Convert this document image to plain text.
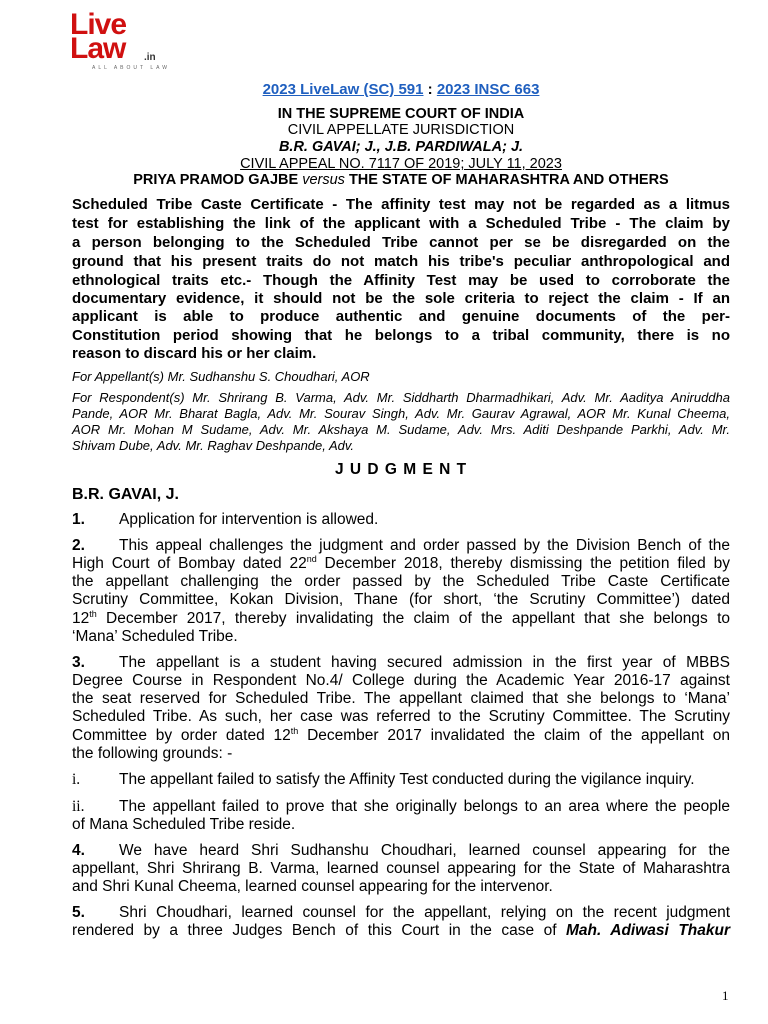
Live
Law .in
ALL ABOUT LAW
2023 LiveLaw (SC) 591 : 2023 INSC 663
IN THE SUPREME COURT OF INDIA
CIVIL APPELLATE JURISDICTION
B.R. GAVAI; J., J.B. PARDIWALA; J.
CIVIL APPEAL NO. 7117 OF 2019; JULY 11, 2023
PRIYA PRAMOD GAJBE versus THE STATE OF MAHARASHTRA AND OTHERS
Scheduled Tribe Caste Certificate - The affinity test may not be regarded as a litmus
test for establishing the link of the applicant with a Scheduled Tribe - The claim by
a person belonging to the Scheduled Tribe cannot per se be disregarded on the
ground that his present traits do not match his tribe's peculiar anthropological and
ethnological traits etc.- Though the Affinity Test may be used to corroborate the
documentary evidence, it should not be the sole criteria to reject the claim - If an
applicant is able to produce authentic and genuine documents of the per-
Constitution period showing that he belongs to a tribal community, there is no
reason to discard his or her claim.
For Appellant(s) Mr. Sudhanshu S. Choudhari, AOR
For Respondent(s) Mr. Shrirang B. Varma, Adv. Mr. Siddharth Dharmadhikari, Adv. Mr. Aaditya Aniruddha
Pande, AOR Mr. Bharat Bagla, Adv. Mr. Sourav Singh, Adv. Mr. Gaurav Agrawal, AOR Mr. Kunal Cheema,
AOR Mr. Mohan M Sudame, Adv. Mr. Akshaya M. Sudame, Adv. Mrs. Aditi Deshpande Parkhi, Adv. Mr.
Shivam Dube, Adv. Mr. Raghav Deshpande, Adv.
J U D G M E N T
B.R. GAVAI, J.
1. Application for intervention is allowed.
2. This appeal challenges the judgment and order passed by the Division Bench of the
High Court of Bombay dated 22nd December 2018, thereby dismissing the petition filed by
the appellant challenging the order passed by the Scheduled Tribe Caste Certificate
Scrutiny Committee, Kokan Division, Thane (for short, ‘the Scrutiny Committee’) dated
12th December 2017, thereby invalidating the claim of the appellant that she belongs to
‘Mana’ Scheduled Tribe.
3. The appellant is a student having secured admission in the first year of MBBS
Degree Course in Respondent No.4/ College during the Academic Year 2016-17 against
the seat reserved for Scheduled Tribe. The appellant claimed that she belongs to ‘Mana’
Scheduled Tribe. As such, her case was referred to the Scrutiny Committee. The Scrutiny
Committee by order dated 12th December 2017 invalidated the claim of the appellant on
the following grounds: -
i.	The appellant failed to satisfy the Affinity Test conducted during the vigilance inquiry.
ii. The appellant failed to prove that she originally belongs to an area where the people
of Mana Scheduled Tribe reside.
4. We have heard Shri Sudhanshu Choudhari, learned counsel appearing for the
appellant, Shri Shrirang B. Varma, learned counsel appearing for the State of Maharashtra
and Shri Kunal Cheema, learned counsel appearing for the intervenor.
5. Shri Choudhari, learned counsel for the appellant, relying on the recent judgment
rendered by a three Judges Bench of this Court in the case of Mah. Adiwasi Thakur
1
